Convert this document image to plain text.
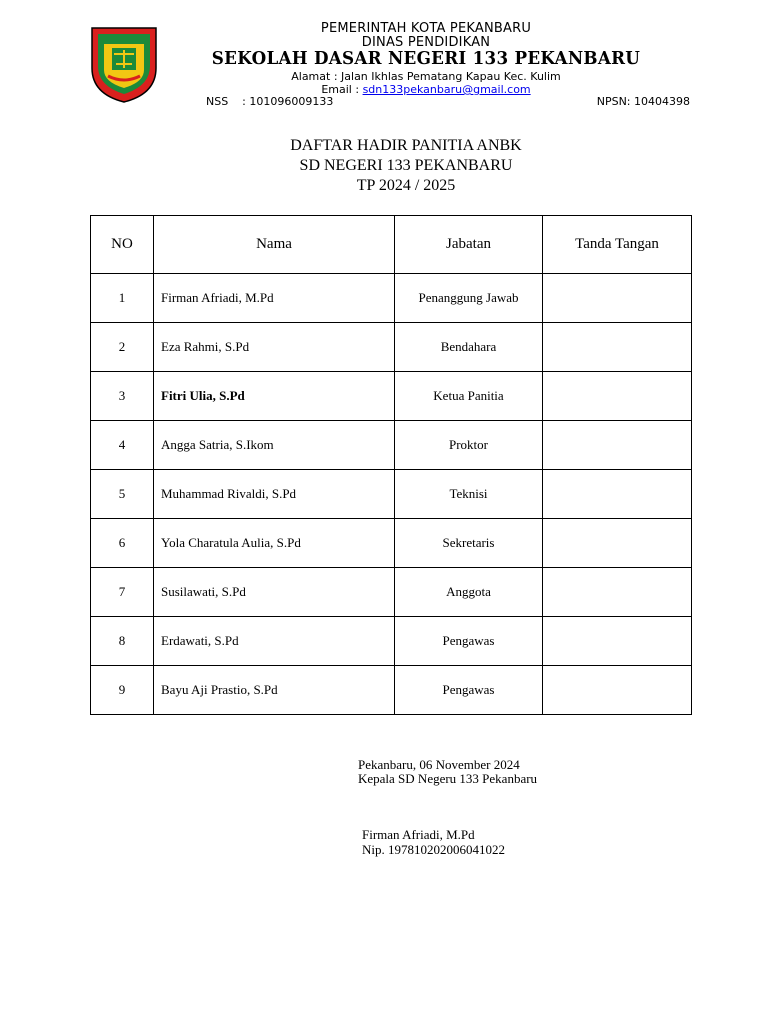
PEMERINTAH KOTA PEKANBARU
DINAS PENDIDIKAN
SEKOLAH DASAR NEGERI 133 PEKANBARU
Alamat : Jalan Ikhlas Pematang Kapau Kec. Kulim
Email : sdn133pekanbaru@gmail.com
NSS    : 101096009133	NPSN: 10404398
DAFTAR HADIR PANITIA ANBK
SD NEGERI 133 PEKANBARU
TP 2024 / 2025
NO	Nama	Jabatan	Tanda Tangan
1	Firman Afriadi, M.Pd	Penanggung Jawab	
2	Eza Rahmi, S.Pd	Bendahara	
3	Fitri Ulia, S.Pd	Ketua Panitia	
4	Angga Satria, S.Ikom	Proktor	
5	Muhammad Rivaldi, S.Pd	Teknisi	
6	Yola Charatula Aulia, S.Pd	Sekretaris	
7	Susilawati, S.Pd	Anggota	
8	Erdawati, S.Pd	Pengawas	
9	Bayu Aji Prastio, S.Pd	Pengawas	
Pekanbaru, 06 November 2024
Kepala SD Negeru 133 Pekanbaru
Firman Afriadi, M.Pd
Nip. 197810202006041022
